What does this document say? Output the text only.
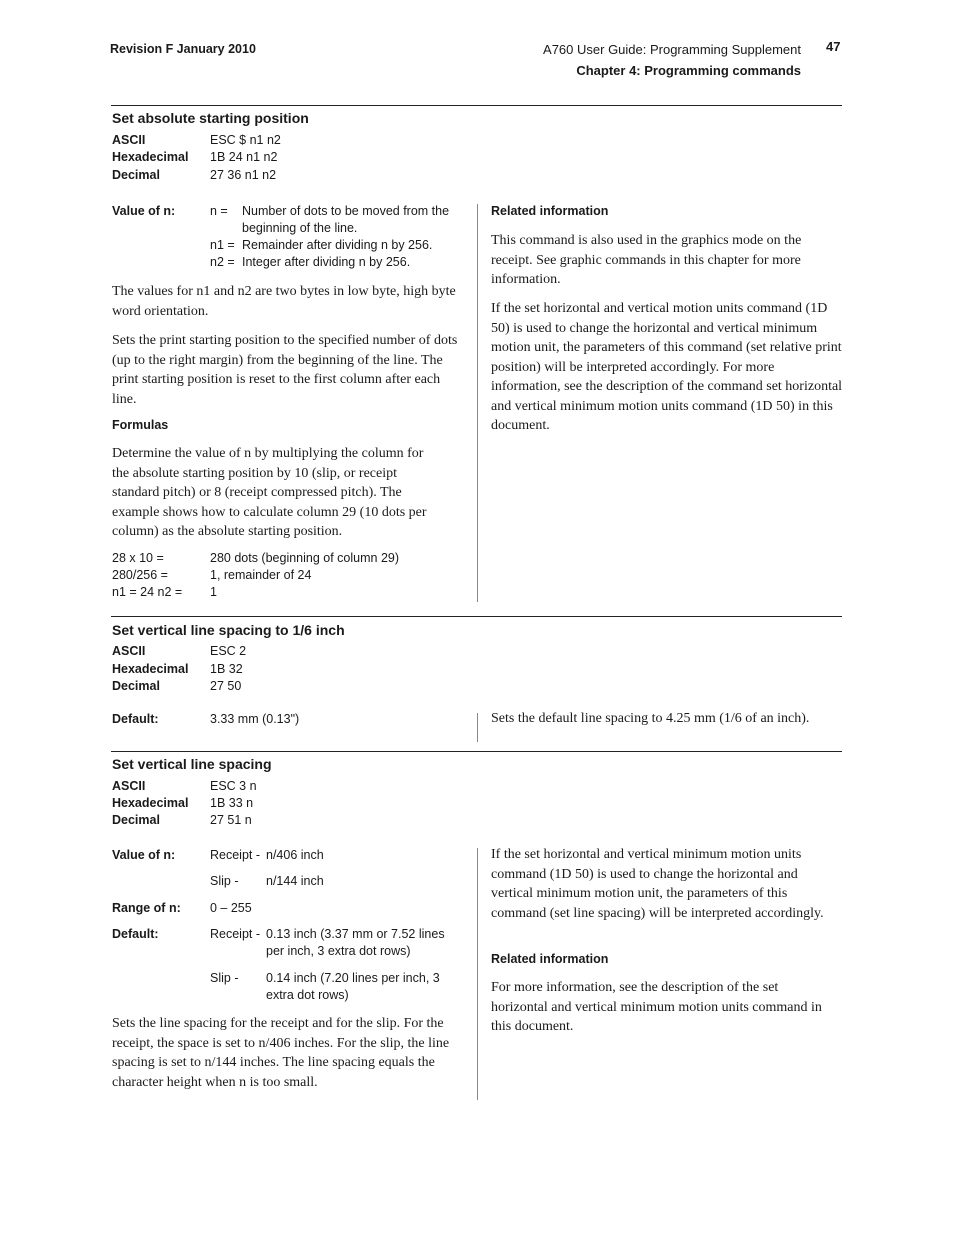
Revision F January 2010	A760 User Guide: Programming Supplement
Chapter 4: Programming commands
47
Set absolute starting position
ASCII	ESC $ n1 n2
Hexadecimal 1B 24 n1 n2
Decimal	27 36 n1 n2
Value of n:	n =	Number of dots to be moved from the beginning of the line.
n1 = Remainder after dividing n by 256.
n2 = Integer after dividing n by 256.
The values for n1 and n2 are two bytes in low byte, high byte word orientation.
Sets the print starting position to the specified number of dots (up to the right margin) from the beginning of the line. The print starting position is reset to the first column after each line.
Formulas
Determine the value of n by multiplying the column for the absolute starting position by 10 (slip, or receipt standard pitch) or 8 (receipt compressed pitch). The example shows how to calculate column 29 (10 dots per column) as the absolute starting position.
28 x 10 =	280 dots (beginning of column 29)
280/256 =	1, remainder of 24
n1 = 24 n2 =	1
Related information
This command is also used in the graphics mode on the receipt. See graphic commands in this chapter for more information.
If the set horizontal and vertical motion units command (1D 50) is used to change the horizontal and vertical minimum motion unit, the parameters of this command (set relative print position) will be interpreted accordingly. For more information, see the description of the command set horizontal and vertical minimum motion units command (1D 50) in this document.
Set vertical line spacing to 1/6 inch
ASCII	ESC 2
Hexadecimal 1B 32
Decimal	27 50
Default:	3.33 mm (0.13")	Sets the default line spacing to 4.25 mm (1/6 of an inch).
Set vertical line spacing
ASCII	ESC 3 n
Hexadecimal 1B 33 n
Decimal	27 51 n
Value of n:	Receipt - n/406 inch
Slip - n/144 inch
Range of n: 0 – 255
Default:	Receipt - 0.13 inch (3.37 mm or 7.52 lines per inch, 3 extra dot rows)
Slip - 0.14 inch (7.20 lines per inch, 3 extra dot rows)
Sets the line spacing for the receipt and for the slip. For the receipt, the space is set to n/406 inches. For the slip, the line spacing is set to n/144 inches. The line spacing equals the character height when n is too small.
If the set horizontal and vertical minimum motion units command (1D 50) is used to change the horizontal and vertical minimum motion unit, the parameters of this command (set line spacing) will be interpreted accordingly.
Related information
For more information, see the description of the set horizontal and vertical minimum motion units command in this document.
